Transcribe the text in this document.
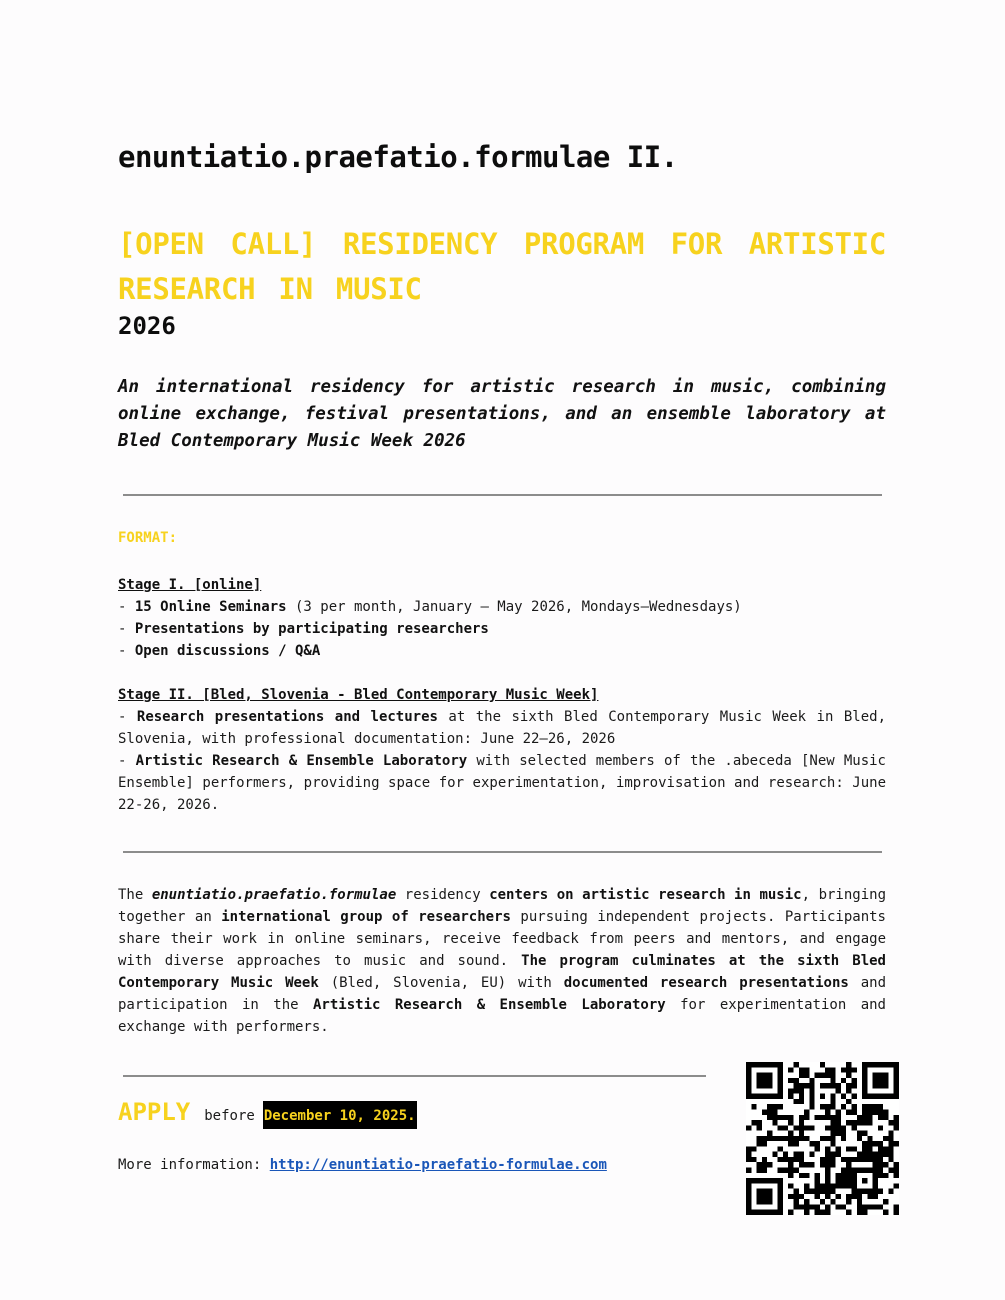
enuntiatio.praefatio.formulae II.
[OPEN CALL] RESIDENCY PROGRAM FOR ARTISTIC RESEARCH IN MUSIC
2026
An international residency for artistic research in music, combining online exchange, festival presentations, and an ensemble laboratory at Bled Contemporary Music Week 2026
FORMAT:
Stage I. [online]
- 15 Online Seminars (3 per month, January – May 2026, Mondays–Wednesdays)
- Presentations by participating researchers
- Open discussions / Q&A
Stage II. [Bled, Slovenia - Bled Contemporary Music Week]
- Research presentations and lectures at the sixth Bled Contemporary Music Week in Bled, Slovenia, with professional documentation: June 22–26, 2026
- Artistic Research & Ensemble Laboratory with selected members of the .abeceda [New Music Ensemble] performers, providing space for experimentation, improvisation and research: June 22-26, 2026.
The enuntiatio.praefatio.formulae residency centers on artistic research in music, bringing together an international group of researchers pursuing independent projects. Participants share their work in online seminars, receive feedback from peers and mentors, and engage with diverse approaches to music and sound. The program culminates at the sixth Bled Contemporary Music Week (Bled, Slovenia, EU) with documented research presentations and participation in the Artistic Research & Ensemble Laboratory for experimentation and exchange with performers.
APPLY before December 10, 2025.
More information: http://enuntiatio-praefatio-formulae.com
